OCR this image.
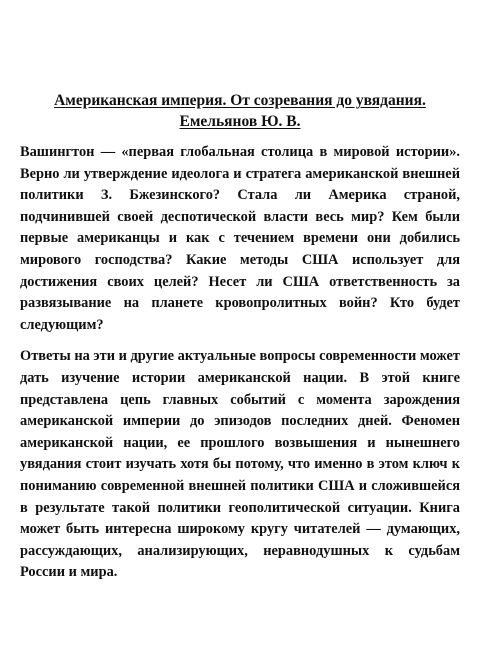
Американская империя. От созревания до увядания.
Емельянов Ю. В.

Вашингтон — «первая глобальная столица в мировой истории». Верно ли утверждение идеолога и стратега американской внешней политики З. Бжезинского? Стала ли Америка страной, подчинившей своей деспотической власти весь мир? Кем были первые американцы и как с течением времени они добились мирового господства? Какие методы США использует для достижения своих целей? Несет ли США ответственность за развязывание на планете кровопролитных войн? Кто будет следующим?

Ответы на эти и другие актуальные вопросы современности может дать изучение истории американской нации. В этой книге представлена цепь главных событий с момента зарождения американской империи до эпизодов последних дней. Феномен американской нации, ее прошлого возвышения и нынешнего увядания стоит изучать хотя бы потому, что именно в этом ключ к пониманию современной внешней политики США и сложившейся в результате такой политики геополитической ситуации. Книга может быть интересна широкому кругу читателей — думающих, рассуждающих, анализирующих, неравнодушных к судьбам России и мира.
